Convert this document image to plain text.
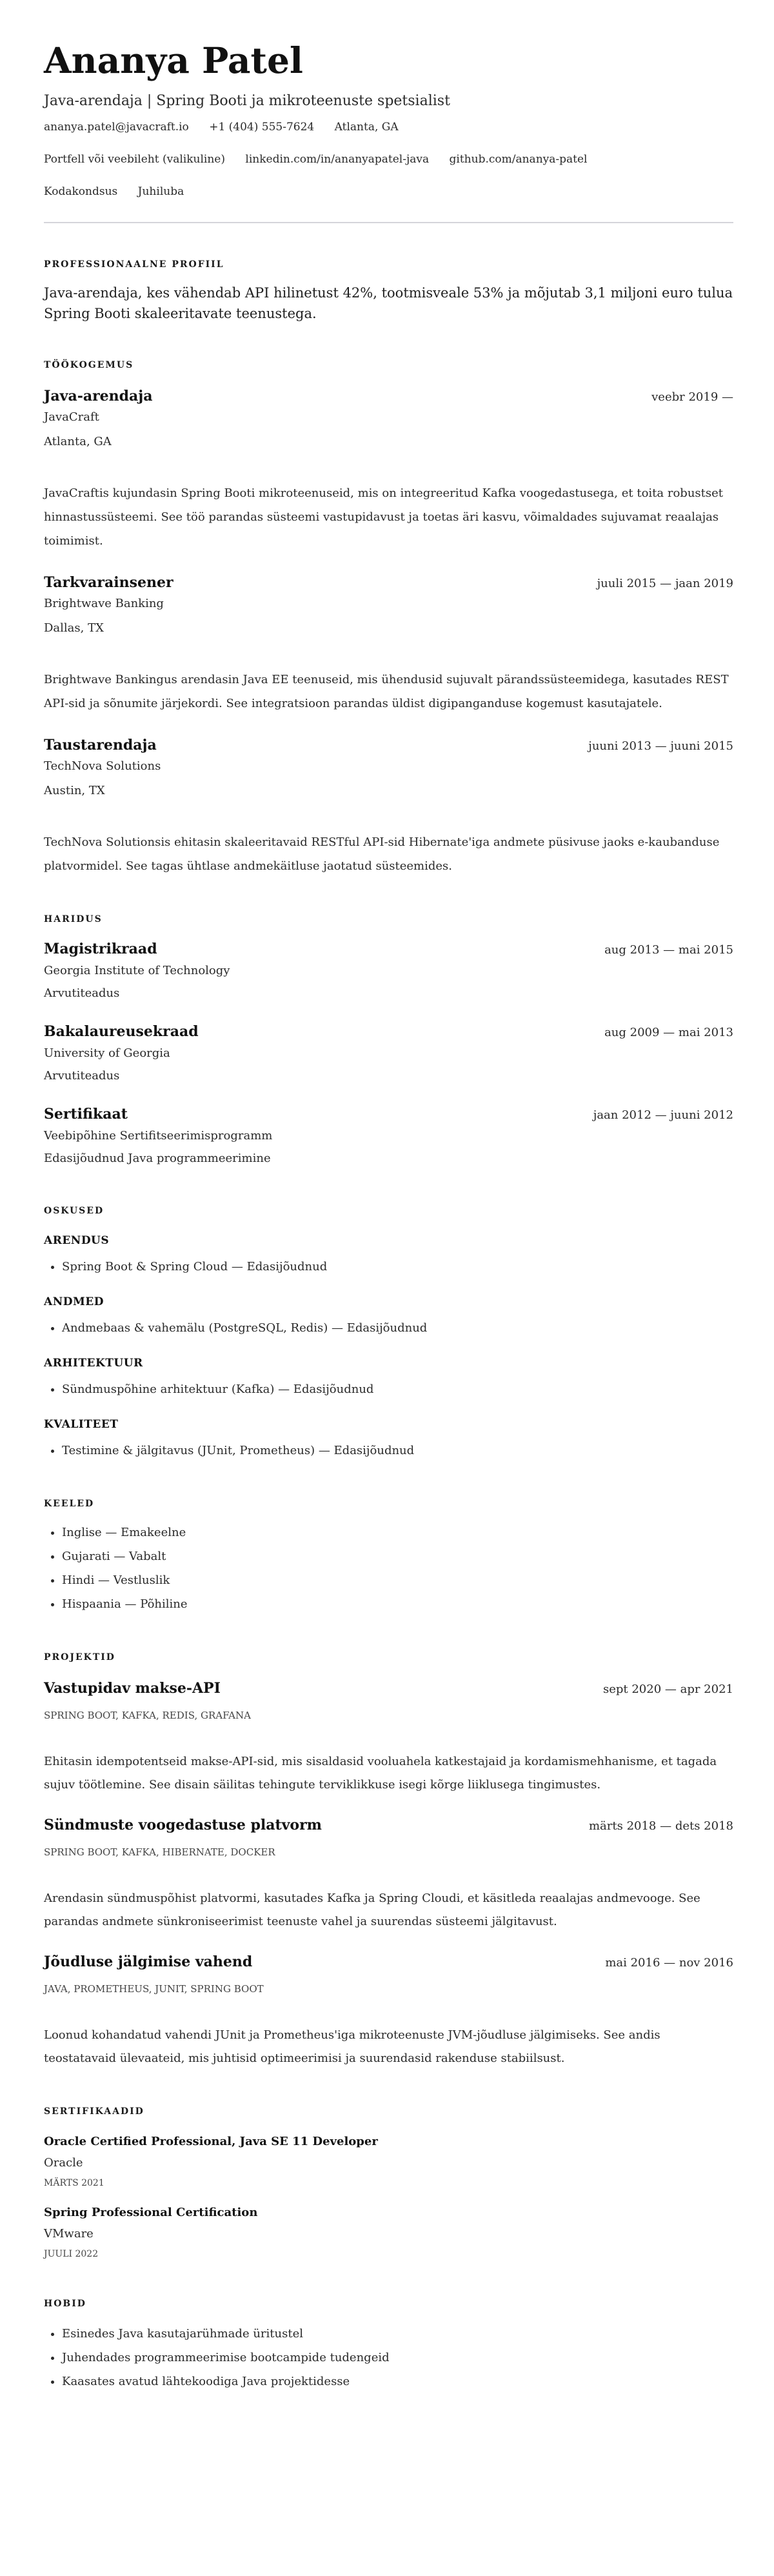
Ananya Patel
Java-arendaja | Spring Booti ja mikroteenuste spetsialist
ananya.patel@javacraft.io +1 (404) 555-7624 Atlanta, GA
Portfell või veebileht (valikuline) linkedin.com/in/ananyapatel-java github.com/ananya-patel
Kodakondsus Juhiluba
PROFESSIONAALNE PROFIIL
Java-arendaja, kes vähendab API hilinetust 42%, tootmisveale 53% ja mõjutab 3,1 miljoni euro tulua Spring Booti skaleeritavate teenustega.
TÖÖKOGEMUS
Java-arendaja	veebr 2019 —
JavaCraft
Atlanta, GA
JavaCraftis kujundasin Spring Booti mikroteenuseid, mis on integreeritud Kafka voogedastusega, et toita robustset hinnastussüsteemi. See töö parandas süsteemi vastupidavust ja toetas äri kasvu, võimaldades sujuvamat reaalajas toimimist.
Tarkvarainsener	juuli 2015 — jaan 2019
Brightwave Banking
Dallas, TX
Brightwave Bankingus arendasin Java EE teenuseid, mis ühendusid sujuvalt pärandssüsteemidega, kasutades REST API-sid ja sõnumite järjekordi. See integratsioon parandas üldist digipanganduse kogemust kasutajatele.
Taustarendaja	juuni 2013 — juuni 2015
TechNova Solutions
Austin, TX
TechNova Solutionsis ehitasin skaleeritavaid RESTful API-sid Hibernate'iga andmete püsivuse jaoks e-kaubanduse platvormidel. See tagas ühtlase andmekäitluse jaotatud süsteemides.
HARIDUS
Magistrikraad	aug 2013 — mai 2015
Georgia Institute of Technology
Arvutiteadus
Bakalaureusekraad	aug 2009 — mai 2013
University of Georgia
Arvutiteadus
Sertifikaat	jaan 2012 — juuni 2012
Veebipõhine Sertifitseerimisprogramm
Edasijõudnud Java programmeerimine
OSKUSED
ARENDUS
• Spring Boot & Spring Cloud — Edasijõudnud
ANDMED
• Andmebaas & vahemälu (PostgreSQL, Redis) — Edasijõudnud
ARHITEKTUUR
• Sündmuspõhine arhitektuur (Kafka) — Edasijõudnud
KVALITEET
• Testimine & jälgitavus (JUnit, Prometheus) — Edasijõudnud
KEELED
• Inglise — Emakeelne
• Gujarati — Vabalt
• Hindi — Vestluslik
• Hispaania — Põhiline
PROJEKTID
Vastupidav makse-API	sept 2020 — apr 2021
SPRING BOOT, KAFKA, REDIS, GRAFANA
Ehitasin idempotentseid makse-API-sid, mis sisaldasid vooluahela katkestajaid ja kordamismehhanisme, et tagada sujuv töötlemine. See disain säilitas tehingute terviklikkuse isegi kõrge liiklusega tingimustes.
Sündmuste voogedastuse platvorm	märts 2018 — dets 2018
SPRING BOOT, KAFKA, HIBERNATE, DOCKER
Arendasin sündmuspõhist platvormi, kasutades Kafka ja Spring Cloudi, et käsitleda reaalajas andmevooge. See parandas andmete sünkroniseerimist teenuste vahel ja suurendas süsteemi jälgitavust.
Jõudluse jälgimise vahend	mai 2016 — nov 2016
JAVA, PROMETHEUS, JUNIT, SPRING BOOT
Loonud kohandatud vahendi JUnit ja Prometheus'iga mikroteenuste JVM-jõudluse jälgimiseks. See andis teostatavaid ülevaateid, mis juhtisid optimeerimisi ja suurendasid rakenduse stabiilsust.
SERTIFIKAADID
Oracle Certified Professional, Java SE 11 Developer
Oracle
MÄRTS 2021
Spring Professional Certification
VMware
JUULI 2022
HOBID
• Esinedes Java kasutajarühmade üritustel
• Juhendades programmeerimise bootcampide tudengeid
• Kaasates avatud lähtekoodiga Java projektidesse
